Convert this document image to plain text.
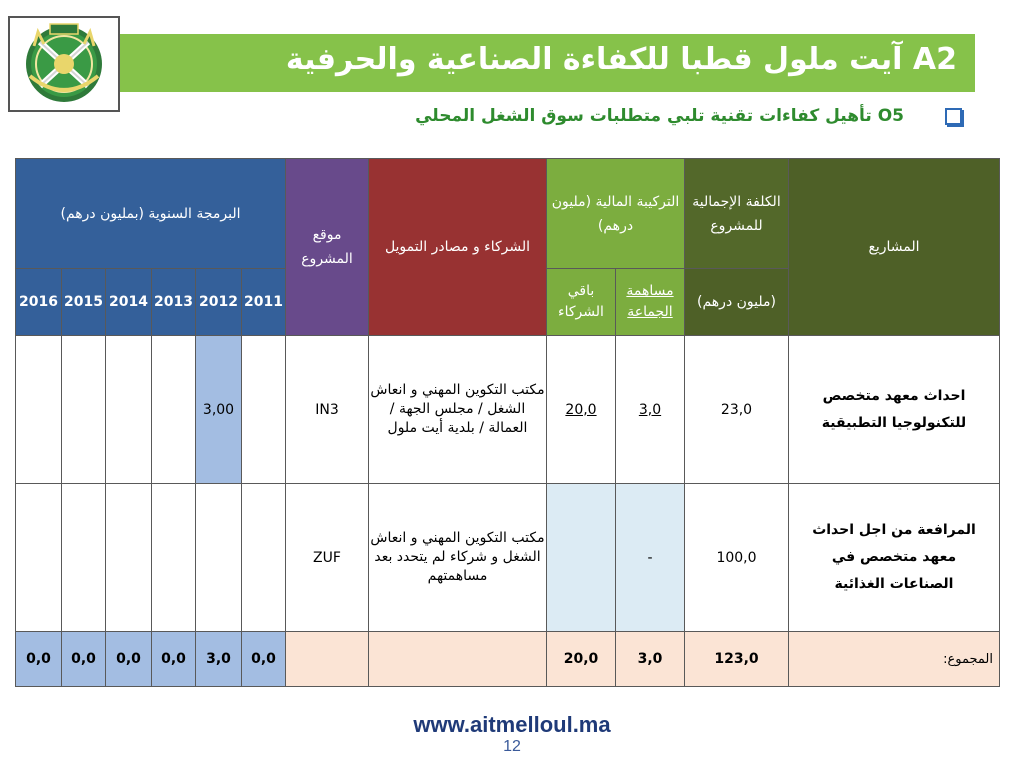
A2 آيت ملول قطبا للكفاءة الصناعية والحرفية
O5 تأهيل كفاءات تقنية تلبي متطلبات سوق الشغل المحلي
البرمجة السنوية (بمليون درهم)						موقع المشروع	الشركاء و مصادر التمويل	التركيبة المالية (مليون درهم)		الكلفة الإجمالية للمشروع	المشاريع
2016	2015	2014	2013	2012	2011			باقي الشركاء	مساهمة الجماعة	(مليون درهم)	
				3,00		IN3	مكتب التكوين المهني و انعاش الشغل / مجلس الجهة / العمالة / بلدية أيت ملول	20,0	3,0	23,0	احداث معهد متخصص للتكنولوجيا التطبيقية
						ZUF	مكتب التكوين المهني و انعاش الشغل و شركاء لم يتحدد بعد مساهمتهم		-	100,0	المرافعة من اجل احداث معهد متخصص في الصناعات الغذائية
0,0	0,0	0,0	0,0	3,0	0,0			20,0	3,0	123,0	المجموع:
www.aitmelloul.ma
12
